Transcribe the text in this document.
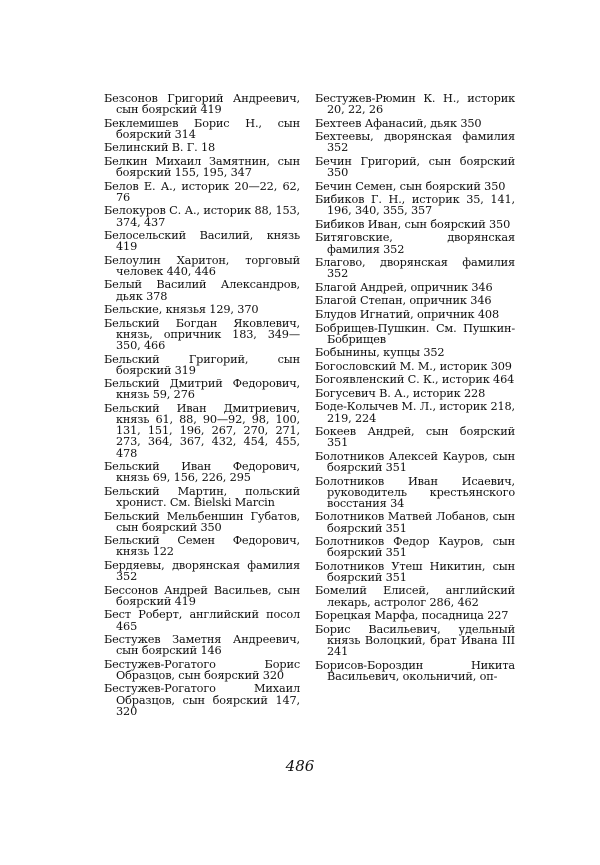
Безсонов Григорий Андреевич, сын боярский 419

Беклемишев Борис Н., сын боярский 314

Белинский В. Г. 18

Белкин Михаил Замятнин, сын боярский 155, 195, 347

Белов Е. А., историк 20—22, 62, 76

Белокуров С. А., историк 88, 153, 374, 437

Белосельский Василий, князь 419

Белоулин Харитон, торговый человек 440, 446

Белый Василий Александров, дьяк 378

Бельские, князья 129, 370

Бельский Богдан Яковлевич, князь, опричник 183, 349—350, 466

Бельский Григорий, сын боярский 319

Бельский Дмитрий Федорович, князь 59, 276

Бельский Иван Дмитриевич, князь 61, 88, 90—92, 98, 100, 131, 151, 196, 267, 270, 271, 273, 364, 367, 432, 454, 455, 478

Бельский Иван Федорович, князь 69, 156, 226, 295

Бельский Мартин, польский хронист. См. Bielski Marcin

Бельский Мельбеншин Губатов, сын боярский 350

Бельский Семен Федорович, князь 122

Бердяевы, дворянская фамилия 352

Бессонов Андрей Васильев, сын боярский 419

Бест Роберт, английский посол 465

Бестужев Заметня Андреевич, сын боярский 146

Бестужев-Рогатого Борис Образцов, сын боярский 320

Бестужев-Рогатого Михаил Образцов, сын боярский 147, 320

Бестужев-Рюмин К. Н., историк 20, 22, 26

Бехтеев Афанасий, дьяк 350

Бехтеевы, дворянская фамилия 352

Бечин Григорий, сын боярский 350

Бечин Семен, сын боярский 350

Бибиков Г. Н., историк 35, 141, 196, 340, 355, 357

Бибиков Иван, сын боярский 350

Битяговские, дворянская фамилия 352

Благово, дворянская фамилия 352

Благой Андрей, опричник 346

Благой Степан, опричник 346

Блудов Игнатий, опричник 408

Бобрищев-Пушкин. См. Пушкин-Бобрищев

Бобынины, купцы 352

Богословский М. М., историк 309

Богоявленский С. К., историк 464

Богусевич В. А., историк 228

Боде-Колычев М. Л., историк 218, 219, 224

Бокеев Андрей, сын боярский 351

Болотников Алексей Кауров, сын боярский 351

Болотников Иван Исаевич, руководитель крестьянского восстания 34

Болотников Матвей Лобанов, сын боярский 351

Болотников Федор Кауров, сын боярский 351

Болотников Утеш Никитин, сын боярский 351

Бомелий Елисей, английский лекарь, астролог 286, 462

Борецкая Марфа, посадница 227

Борис Васильевич, удельный князь Волоцкий, брат Ивана III 241

Борисов-Бороздин Никита Васильевич, окольничий, оп-

486
